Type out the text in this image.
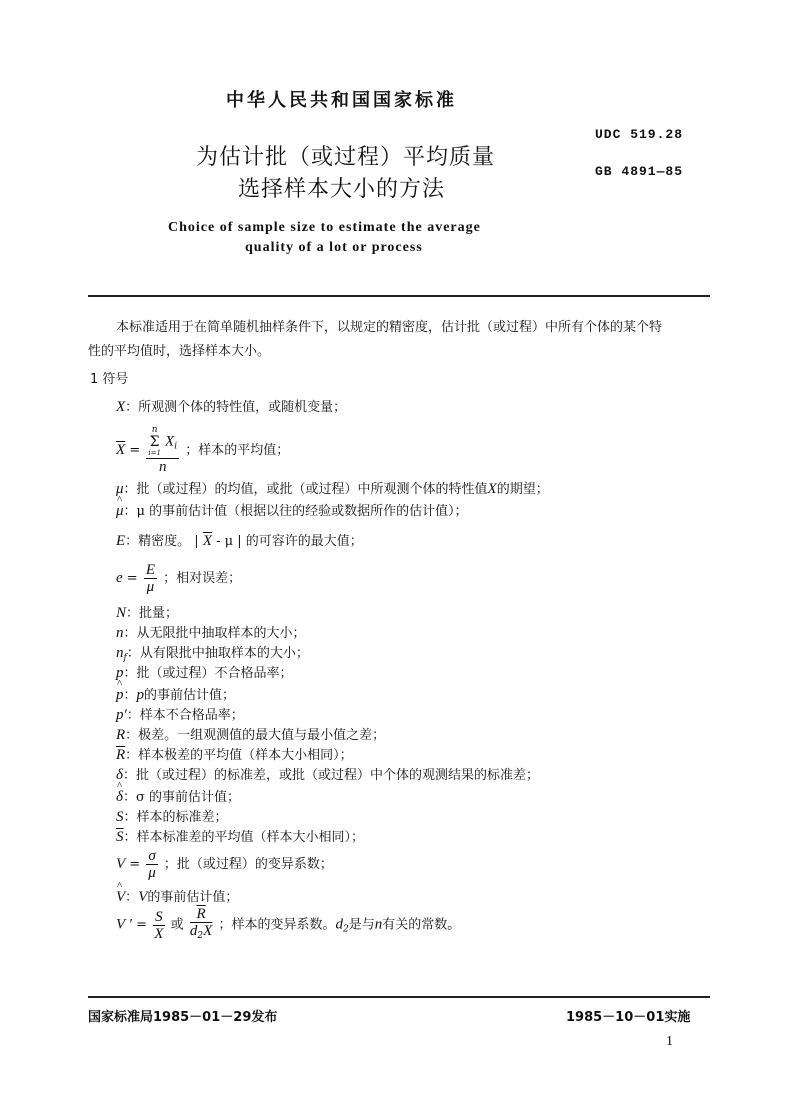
中华人民共和国国家标准
为估计批（或过程）平均质量
选择样本大小的方法
UDC 519.28
GB 4891—85
Choice of sample size to estimate the average
quality of a lot or process
本标准适用于在简单随机抽样条件下，以规定的精密度，估计批（或过程）中所有个体的某个特
性的平均值时，选择样本大小。
1 符号
X：所观测个体的特性值，或随机变量；
$\overline{X} = n$
Σ
i=1
$X_i$
n ；样本的平均值；
μ：批（或过程）的均值，或批（或过程）中所观测个体的特性值X的期望；
^ μ：μ 的事前估计值（根据以往的经验或数据所作的估计值）；
E：精密度。 | $\overline{X}$ - μ | 的可容许的最大值；
$e = \frac{E}{\mu}$ ；相对误差；
N：批量；
n：从无限批中抽取样本的大小；
$n_f$：从有限批中抽取样本的大小；
p：批（或过程）不合格品率；
^ p：p的事前估计值；
p′：样本不合格品率；
R：极差。一组观测值的最大值与最小值之差；
$\overline{R}$：样本极差的平均值（样本大小相同）；
δ：批（或过程）的标准差，或批（或过程）中个体的观测结果的标准差；
^ δ：σ 的事前估计值；
S：样本的标准差；
$\overline{S}$：样本标准差的平均值（样本大小相同）；
$V = \frac{\sigma}{\mu}$ ；批（或过程）的变异系数；
^ V：V的事前估计值；
V ′ = $\frac{S}{X}$ 或 $\frac{\overline{R}}{d_2\overline{X}}$ ；样本的变异系数。$d_2$是与n有关的常数。
国家标准局1985－01－29发布	1985－10－01实施
1
